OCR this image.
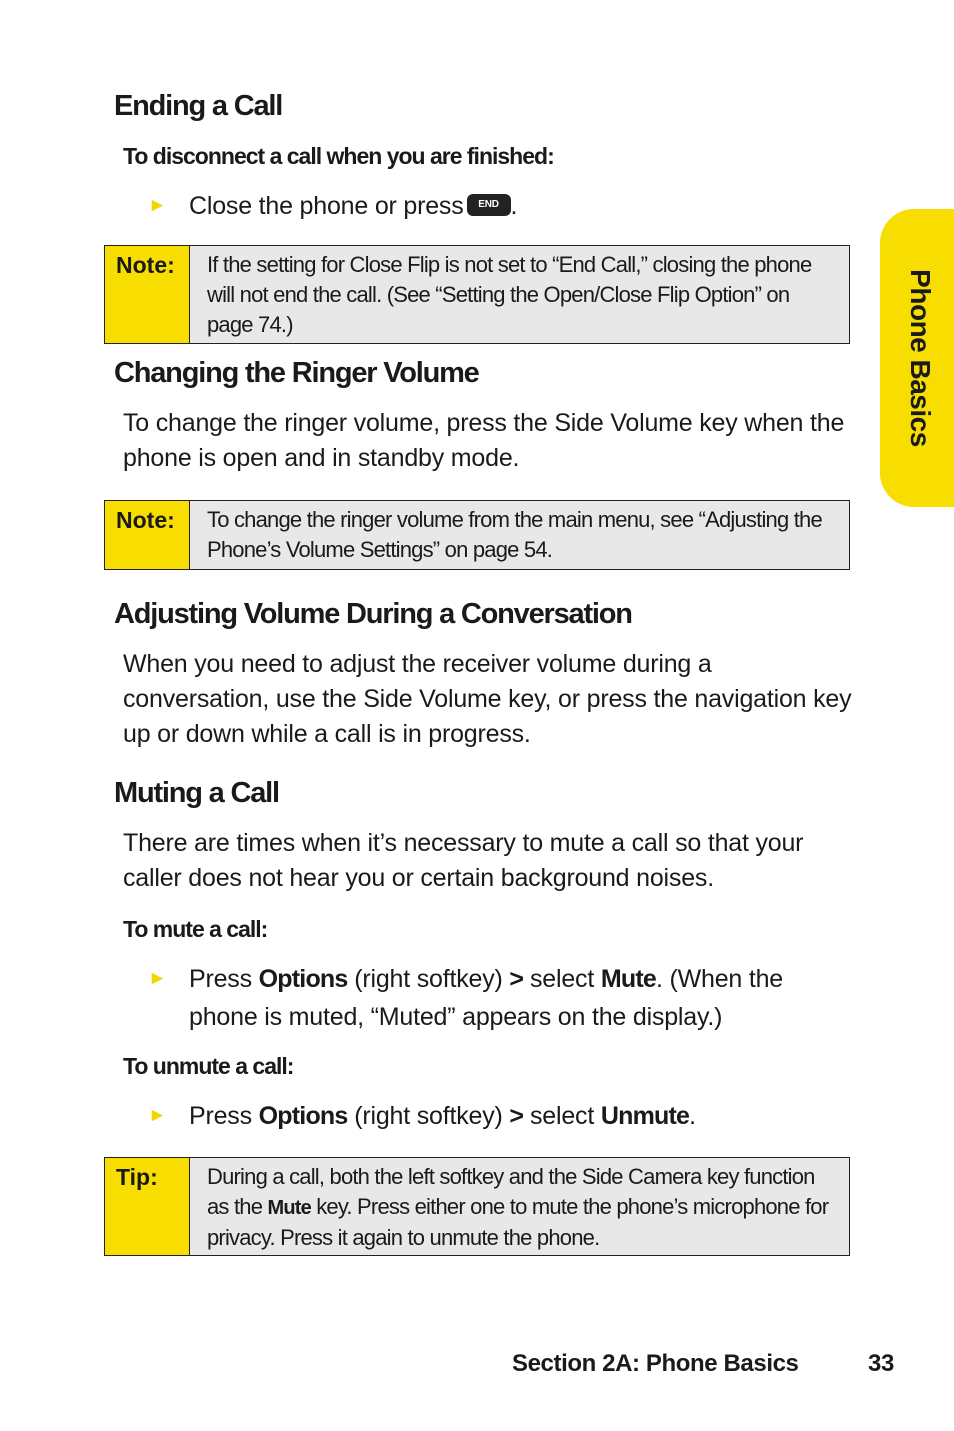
Phone Basics
Ending a Call

To disconnect a call when you are finished:

► Close the phone or press END .
Note:	If the setting for Close Flip is not set to “End Call,” closing the phone will not end the call. (See “Setting the Open/Close Flip Option” on page 74.)
Changing the Ringer Volume

To change the ringer volume, press the Side Volume key when the phone is open and in standby mode.

Note:	To change the ringer volume from the main menu, see “Adjusting the Phone’s Volume Settings” on page 54.
Adjusting Volume During a Conversation

When you need to adjust the receiver volume during a conversation, use the Side Volume key, or press the navigation key up or down while a call is in progress.

Muting a Call

There are times when it’s necessary to mute a call so that your caller does not hear you or certain background noises.

To mute a call:

► Press Options (right softkey) > select Mute. (When the phone is muted, “Muted” appears on the display.)

To unmute a call:

► Press Options (right softkey) > select Unmute.
Tip:	During a call, both the left softkey and the Side Camera key function as the Mute key. Press either one to mute the phone’s microphone for privacy. Press it again to unmute the phone.
Section 2A: Phone Basics	33
